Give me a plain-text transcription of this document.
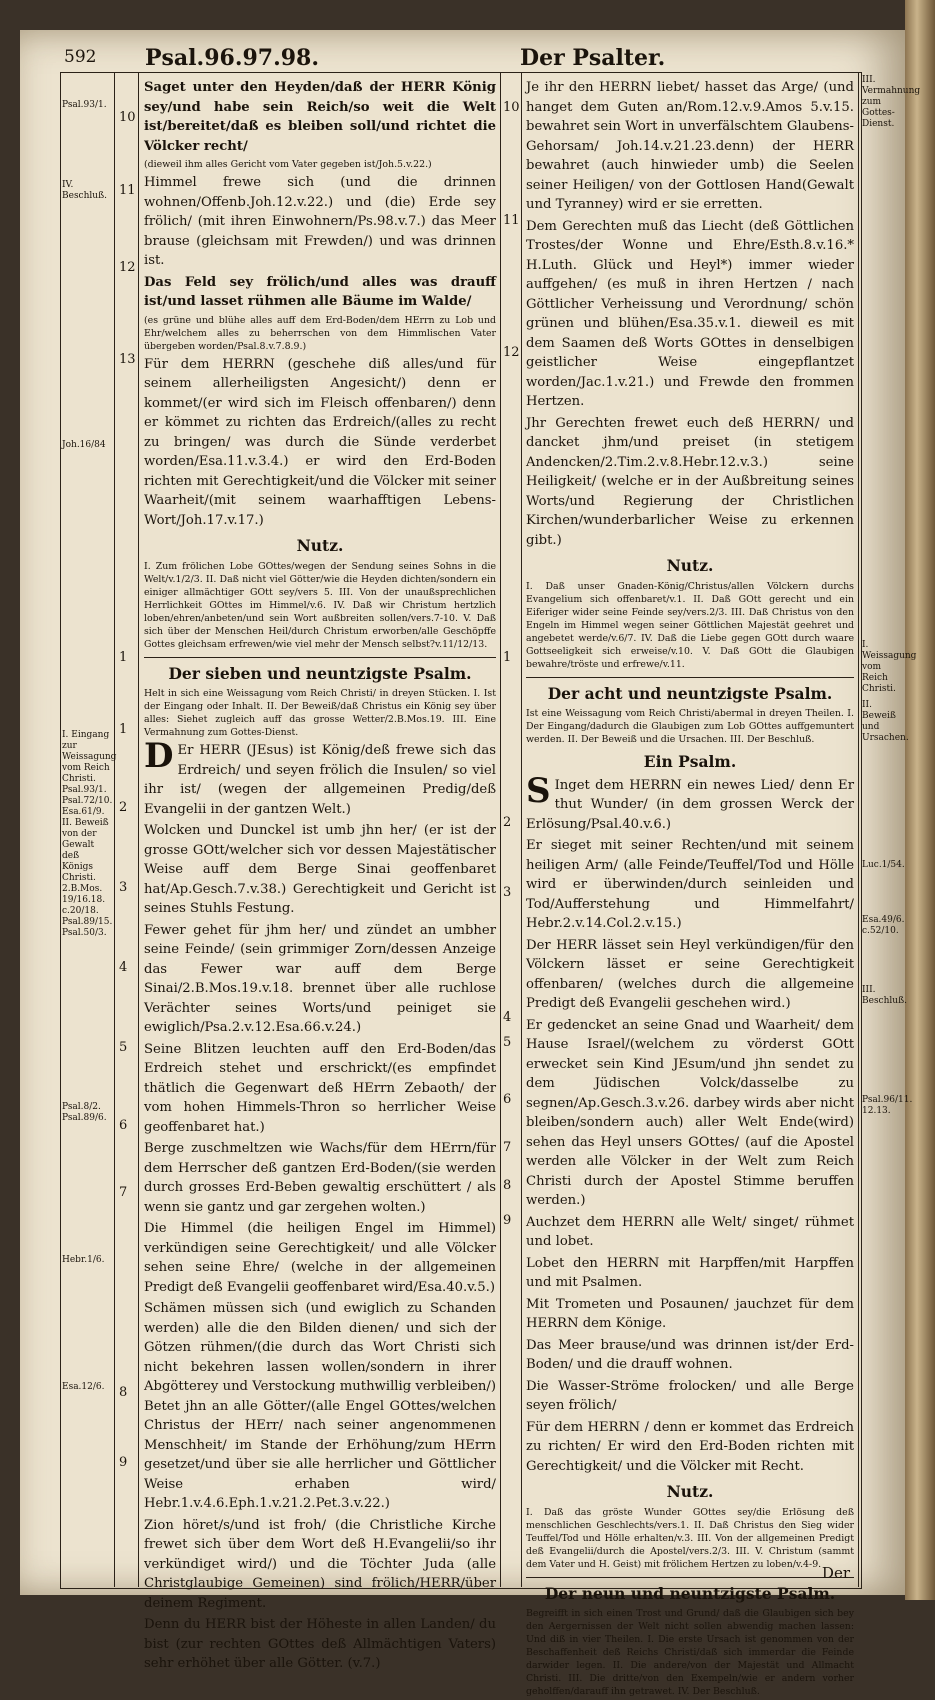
592 Psal.96.97.98.	Der Psalter.
Psal.93/1.
IV. Beschluß.
Joh.16/84
I. Eingang zur Weissagung vom Reich Christi. Psal.93/1. Psal.72/10. Esa.61/9. II. Beweiß von der Gewalt deß Königs Christi. 2.B.Mos. 19/16.18. c.20/18. Psal.89/15. Psal.50/3.
Psal.8/2. Psal.89/6.
Hebr.1/6.
Esa.12/6.
III. Vermahnung zum Gottes-Dienst.
I. Weissagung vom Reich Christi.
II. Beweiß und Ursachen.
Luc.1/54.
Esa.49/6. c.52/10.
III. Beschluß.
Psal.96/11. 12.13.
10
11
12
13
1
1
2
3
4
5
6
7
8
9
10
11
12
1
2
3
4
5
6
7
8
9

Saget unter den Heyden/daß der HERR König sey/und habe sein Reich/so weit die Welt ist/bereitet/daß es bleiben soll/und richtet die Völcker recht/

(dieweil ihm alles Gericht vom Vater gegeben ist/Joh.5.v.22.)

Himmel frewe sich (und die drinnen wohnen/Offenb.Joh.12.v.22.) und (die) Erde sey frölich/ (mit ihren Einwohnern/Ps.98.v.7.) das Meer brause (gleichsam mit Frewden/) und was drinnen ist.

Das Feld sey frölich/und alles was drauff ist/und lasset rühmen alle Bäume im Walde/

(es grüne und blühe alles auff dem Erd-Boden/dem HErrn zu Lob und Ehr/welchem alles zu beherrschen von dem Himmlischen Vater übergeben worden/Psal.8.v.7.8.9.)

Für dem HERRN (geschehe diß alles/und für seinem allerheiligsten Angesicht/) denn er kommet/(er wird sich im Fleisch offenbaren/) denn er kömmet zu richten das Erdreich/(alles zu recht zu bringen/ was durch die Sünde verderbet worden/Esa.11.v.3.4.) er wird den Erd-Boden richten mit Gerechtigkeit/und die Völcker mit seiner Waarheit/(mit seinem waarhafftigen Lebens-Wort/Joh.17.v.17.)

Nutz.

I. Zum frölichen Lobe GOttes/wegen der Sendung seines Sohns in die Welt/v.1/2/3. II. Daß nicht viel Götter/wie die Heyden dichten/sondern ein einiger allmächtiger GOtt sey/vers 5. III. Von der unaußsprechlichen Herrlichkeit GOttes im Himmel/v.6. IV. Daß wir Christum hertzlich loben/ehren/anbeten/und sein Wort außbreiten sollen/vers.7-10. V. Daß sich über der Menschen Heil/durch Christum erworben/alle Geschöpffe Gottes gleichsam erfrewen/wie viel mehr der Mensch selbst?v.11/12/13.

Der sieben und neuntzigste Psalm.

Helt in sich eine Weissagung vom Reich Christi/ in dreyen Stücken. I. Ist der Eingang oder Inhalt. II. Der Beweiß/daß Christus ein König sey über alles: Siehet zugleich auff das grosse Wetter/2.B.Mos.19. III. Eine Vermahnung zum Gottes-Dienst.

D Er HERR (JEsus) ist König/deß frewe sich das Erdreich/ und seyen frölich die Insulen/ so viel ihr ist/ (wegen der allgemeinen Predig/deß Evangelii in der gantzen Welt.)

Wolcken und Dunckel ist umb jhn her/ (er ist der grosse GOtt/welcher sich vor dessen Majestätischer Weise auff dem Berge Sinai geoffenbaret hat/Ap.Gesch.7.v.38.) Gerechtigkeit und Gericht ist seines Stuhls Festung.

Fewer gehet für jhm her/ und zündet an umbher seine Feinde/ (sein grimmiger Zorn/dessen Anzeige das Fewer war auff dem Berge Sinai/2.B.Mos.19.v.18. brennet über alle ruchlose Verächter seines Worts/und peiniget sie ewiglich/Psa.2.v.12.Esa.66.v.24.)

Seine Blitzen leuchten auff den Erd-Boden/das Erdreich stehet und erschrickt/(es empfindet thätlich die Gegenwart deß HErrn Zebaoth/ der vom hohen Himmels-Thron so herrlicher Weise geoffenbaret hat.)

Berge zuschmeltzen wie Wachs/für dem HErrn/für dem Herrscher deß gantzen Erd-Boden/(sie werden durch grosses Erd-Beben gewaltig erschüttert / als wenn sie gantz und gar zergehen wolten.)

Die Himmel (die heiligen Engel im Himmel) verkündigen seine Gerechtigkeit/ und alle Völcker sehen seine Ehre/ (welche in der allgemeinen Predigt deß Evangelii geoffenbaret wird/Esa.40.v.5.)

Schämen müssen sich (und ewiglich zu Schanden werden) alle die den Bilden dienen/ und sich der Götzen rühmen/(die durch das Wort Christi sich nicht bekehren lassen wollen/sondern in ihrer Abgötterey und Verstockung muthwillig verbleiben/) Betet jhn an alle Götter/(alle Engel GOttes/welchen Christus der HErr/ nach seiner angenommenen Menschheit/ im Stande der Erhöhung/zum HErrn gesetzet/und über sie alle herrlicher und Göttlicher Weise erhaben wird/ Hebr.1.v.4.6.Eph.1.v.21.2.Pet.3.v.22.)

Zion höret/s/und ist froh/ (die Christliche Kirche frewet sich über dem Wort deß H.Evangelii/so ihr verkündiget wird/) und die Töchter Juda (alle Christglaubige Gemeinen) sind frölich/HERR/über deinem Regiment.

Denn du HERR bist der Höheste in allen Landen/ du bist (zur rechten GOttes deß Allmächtigen Vaters) sehr erhöhet über alle Götter. (v.7.)

Je ihr den HERRN liebet/ hasset das Arge/ (und hanget dem Guten an/Rom.12.v.9.Amos 5.v.15. bewahret sein Wort in unverfälschtem Glaubens-Gehorsam/ Joh.14.v.21.23.denn) der HERR bewahret (auch hinwieder umb) die Seelen seiner Heiligen/ von der Gottlosen Hand(Gewalt und Tyranney) wird er sie erretten.

Dem Gerechten muß das Liecht (deß Göttlichen Trostes/der Wonne und Ehre/Esth.8.v.16.* H.Luth. Glück und Heyl*) immer wieder auffgehen/ (es muß in ihren Hertzen / nach Göttlicher Verheissung und Verordnung/ schön grünen und blühen/Esa.35.v.1. dieweil es mit dem Saamen deß Worts GOttes in denselbigen geistlicher Weise eingepflantzet worden/Jac.1.v.21.) und Frewde den frommen Hertzen.

Jhr Gerechten frewet euch deß HERRN/ und dancket jhm/und preiset (in stetigem Andencken/2.Tim.2.v.8.Hebr.12.v.3.) seine Heiligkeit/ (welche er in der Außbreitung seines Worts/und Regierung der Christlichen Kirchen/wunderbarlicher Weise zu erkennen gibt.)

Nutz.

I. Daß unser Gnaden-König/Christus/allen Völckern durchs Evangelium sich offenbaret/v.1. II. Daß GOtt gerecht und ein Eiferiger wider seine Feinde sey/vers.2/3. III. Daß Christus von den Engeln im Himmel wegen seiner Göttlichen Majestät geehret und angebetet werde/v.6/7. IV. Daß die Liebe gegen GOtt durch waare Gottseeligkeit sich erweise/v.10. V. Daß GOtt die Glaubigen bewahre/tröste und erfrewe/v.11.

Der acht und neuntzigste Psalm.

Ist eine Weissagung vom Reich Christi/abermal in dreyen Theilen. I. Der Eingang/dadurch die Glaubigen zum Lob GOttes auffgemuntert werden. II. Der Beweiß und die Ursachen. III. Der Beschluß.

Ein Psalm.

S Inget dem HERRN ein newes Lied/ denn Er thut Wunder/ (in dem grossen Werck der Erlösung/Psal.40.v.6.)

Er sieget mit seiner Rechten/und mit seinem heiligen Arm/ (alle Feinde/Teuffel/Tod und Hölle wird er überwinden/durch seinleiden und Tod/Aufferstehung und Himmelfahrt/ Hebr.2.v.14.Col.2.v.15.)

Der HERR lässet sein Heyl verkündigen/für den Völckern lässet er seine Gerechtigkeit offenbaren/ (welches durch die allgemeine Predigt deß Evangelii geschehen wird.)

Er gedencket an seine Gnad und Waarheit/ dem Hause Israel/(welchem zu vörderst GOtt erwecket sein Kind JEsum/und jhn sendet zu dem Jüdischen Volck/dasselbe zu segnen/Ap.Gesch.3.v.26. darbey wirds aber nicht bleiben/sondern auch) aller Welt Ende(wird) sehen das Heyl unsers GOttes/ (auf die Apostel werden alle Völcker in der Welt zum Reich Christi durch der Apostel Stimme beruffen werden.)

Auchzet dem HERRN alle Welt/ singet/ rühmet und lobet.

Lobet den HERRN mit Harpffen/mit Harpffen und mit Psalmen.

Mit Trometen und Posaunen/ jauchzet für dem HERRN dem Könige.

Das Meer brause/und was drinnen ist/der Erd-Boden/ und die drauff wohnen.

Die Wasser-Ströme frolocken/ und alle Berge seyen frölich/

Für dem HERRN / denn er kommet das Erdreich zu richten/ Er wird den Erd-Boden richten mit Gerechtigkeit/ und die Völcker mit Recht.

Nutz.

I. Daß das gröste Wunder GOttes sey/die Erlösung deß menschlichen Geschlechts/vers.1. II. Daß Christus den Sieg wider Teuffel/Tod und Hölle erhalten/v.3. III. Von der allgemeinen Predigt deß Evangelii/durch die Apostel/vers.2/3. III. V. Christum (sammt dem Vater und H. Geist) mit frölichem Hertzen zu loben/v.4-9.

Der neun und neuntzigste Psalm.

Begreifft in sich einen Trost und Grund/ daß die Glaubigen sich bey den Aergernissen der Welt nicht sollen abwendig machen lassen: Und diß in vier Theilen. I. Die erste Ursach ist genommen von der Beschaffenheit deß Reichs Christi/daß sich immerdar die Feinde darwider legen. II. Die andere/von der Majestät und Allmacht Christi. III. Die dritte/von den Exempeln/wie er andern vorher geholffen/darauff ihn getrawet. IV. Der Beschluß.

Der
